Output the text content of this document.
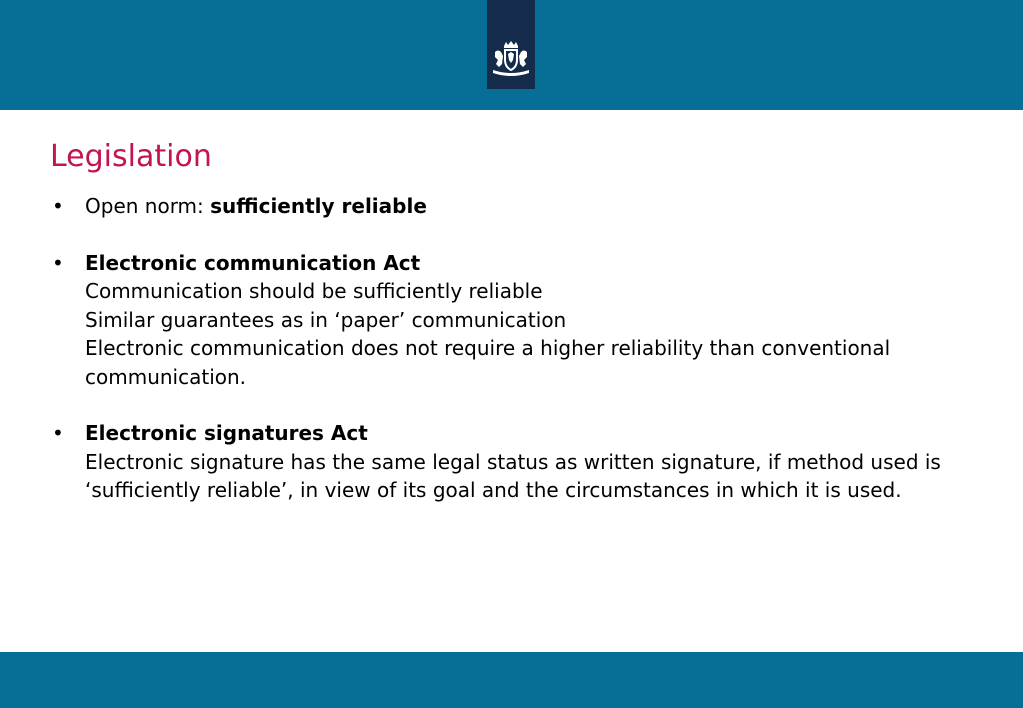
Legislation
• Open norm: sufficiently reliable
• Electronic communication Act
Communication should be sufficiently reliable
Similar guarantees as in ‘paper’ communication
Electronic communication does not require a higher reliability than conventional communication.
• Electronic signatures Act
Electronic signature has the same legal status as written signature, if method used is ‘sufficiently reliable’, in view of its goal and the circumstances in which it is used.
